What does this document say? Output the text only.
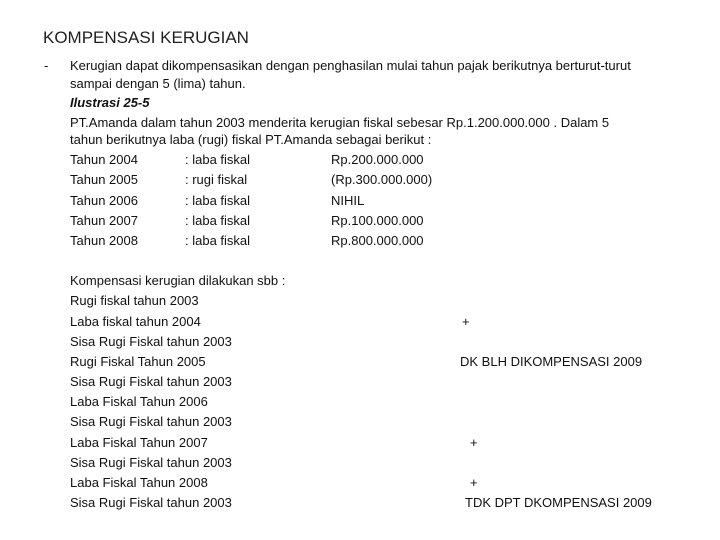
KOMPENSASI KERUGIAN
- Kerugian dapat dikompensasikan dengan penghasilan mulai tahun pajak berikutnya berturut-turut
sampai dengan 5 (lima) tahun.
Ilustrasi 25-5
PT.Amanda dalam tahun 2003 menderita kerugian fiskal sebesar Rp.1.200.000.000 . Dalam 5
tahun berikutnya laba (rugi) fiskal PT.Amanda sebagai berikut :
Tahun 2004	: laba fiskal	Rp.200.000.000
Tahun 2005	: rugi fiskal	(Rp.300.000.000)
Tahun 2006	: laba fiskal	NIHIL
Tahun 2007	: laba fiskal	Rp.100.000.000
Tahun 2008	: laba fiskal	Rp.800.000.000
Kompensasi kerugian dilakukan sbb :
Rugi fiskal tahun 2003
Laba fiskal tahun 2004	+
Sisa Rugi Fiskal tahun 2003
Rugi Fiskal Tahun 2005	DK BLH DIKOMPENSASI 2009
Sisa Rugi Fiskal tahun 2003
Laba Fiskal Tahun 2006
Sisa Rugi Fiskal tahun 2003
Laba Fiskal Tahun 2007	+
Sisa Rugi Fiskal tahun 2003
Laba Fiskal Tahun 2008	+
Sisa Rugi Fiskal tahun 2003	TDK DPT DKOMPENSASI 2009
